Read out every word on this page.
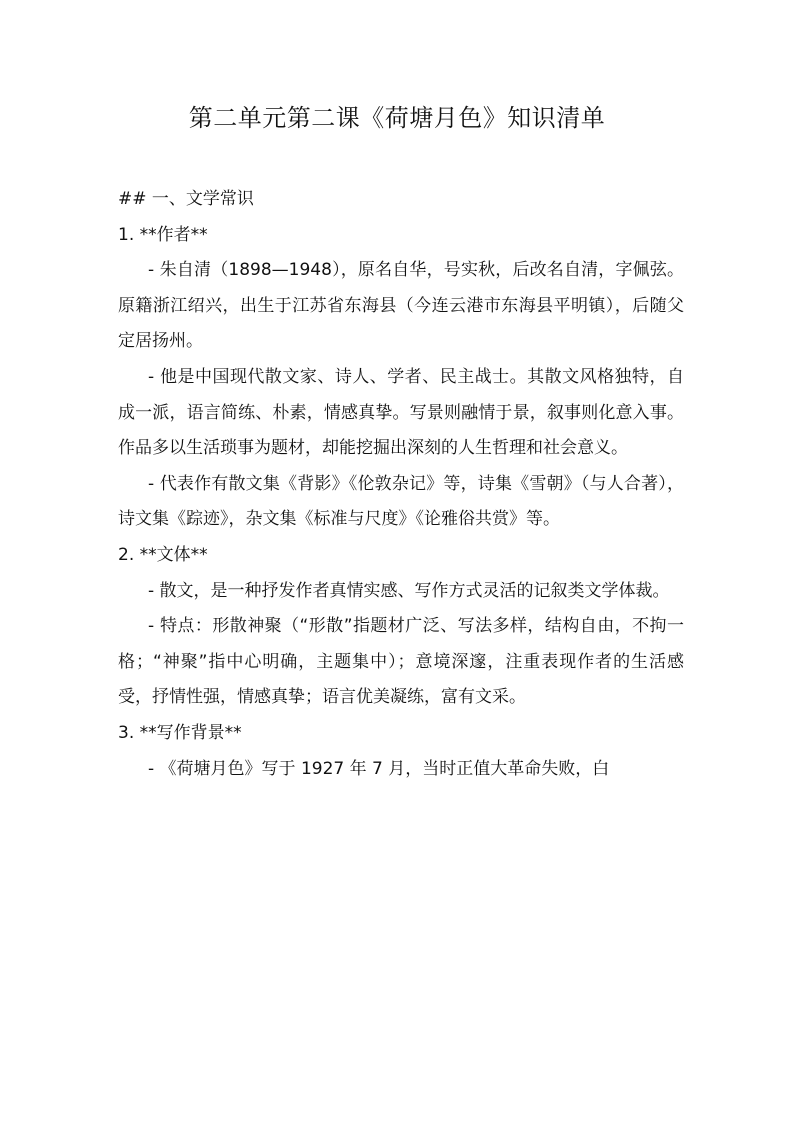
第二单元第二课《荷塘月色》知识清单

## 一、文学常识

1. **作者**

- 朱自清（1898—1948），原名自华，号实秋，后改名自清，字佩弦。原籍浙江绍兴，出生于江苏省东海县（今连云港市东海县平明镇），后随父定居扬州。

- 他是中国现代散文家、诗人、学者、民主战士。其散文风格独特，自成一派，语言简练、朴素，情感真挚。写景则融情于景，叙事则化意入事。作品多以生活琐事为题材，却能挖掘出深刻的人生哲理和社会意义。

- 代表作有散文集《背影》《伦敦杂记》等，诗集《雪朝》（与人合著），诗文集《踪迹》，杂文集《标准与尺度》《论雅俗共赏》等。

2. **文体**

- 散文，是一种抒发作者真情实感、写作方式灵活的记叙类文学体裁。

- 特点：形散神聚（“形散”指题材广泛、写法多样，结构自由，不拘一格；“神聚”指中心明确，主题集中）；意境深邃，注重表现作者的生活感受，抒情性强，情感真挚；语言优美凝练，富有文采。

3. **写作背景**

- 《荷塘月色》写于 1927 年 7 月，当时正值大革命失败，白
